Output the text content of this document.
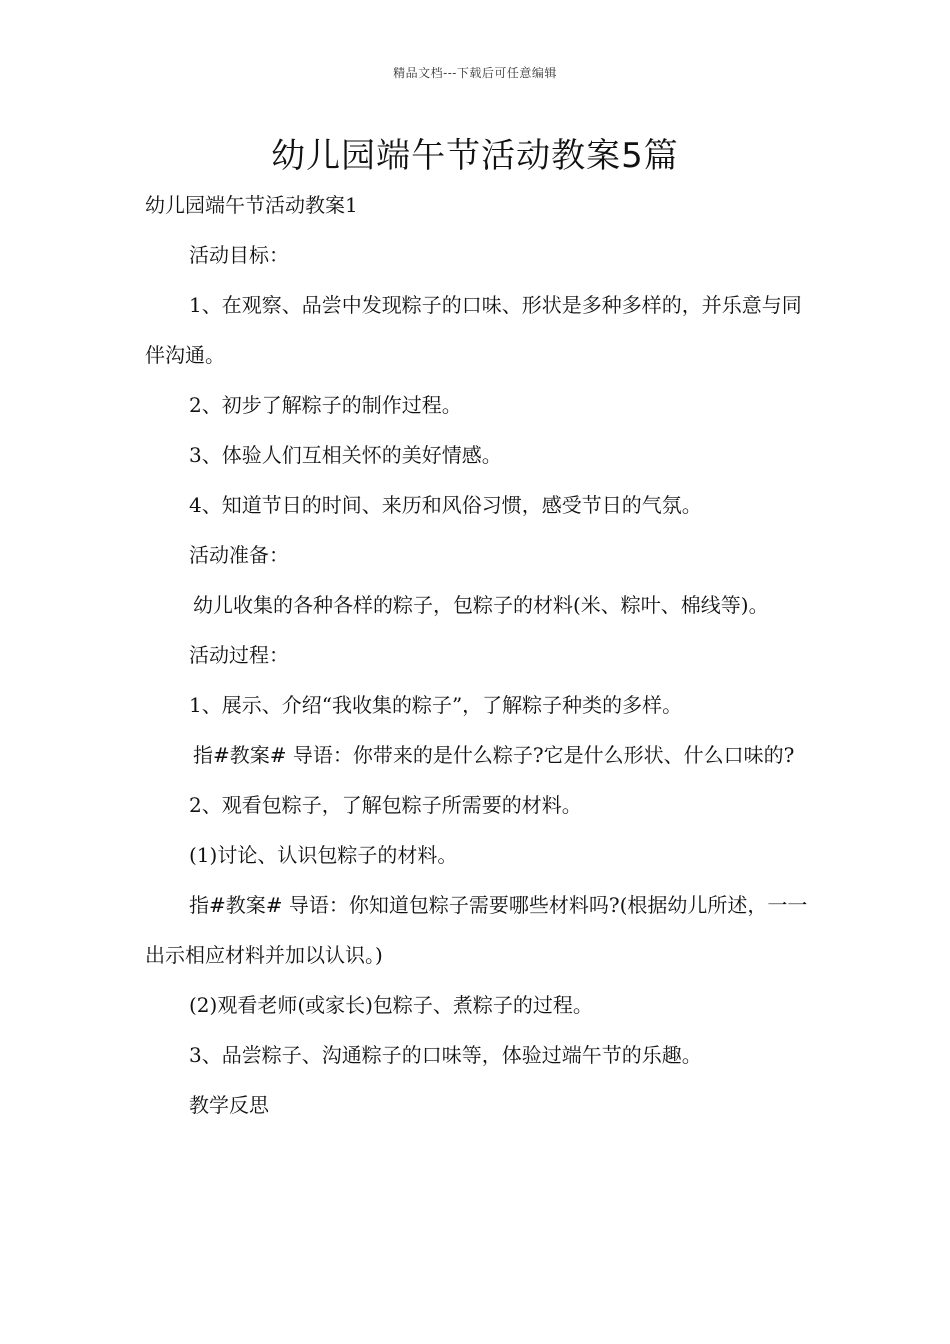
精品文档---下载后可任意编辑
幼儿园端午节活动教案5篇

幼儿园端午节活动教案1

活动目标：

1、在观察、品尝中发现粽子的口味、形状是多种多样的，并乐意与同伴沟通。

2、初步了解粽子的制作过程。

3、体验人们互相关怀的美好情感。

4、知道节日的时间、来历和风俗习惯，感受节日的气氛。

活动准备：

幼儿收集的各种各样的粽子，包粽子的材料(米、粽叶、棉线等)。

活动过程：

1、展示、介绍“我收集的粽子”，了解粽子种类的多样。

指#教案# 导语：你带来的是什么粽子?它是什么形状、什么口味的?

2、观看包粽子，了解包粽子所需要的材料。

(1)讨论、认识包粽子的材料。

指#教案# 导语：你知道包粽子需要哪些材料吗?(根据幼儿所述，一一出示相应材料并加以认识。)

(2)观看老师(或家长)包粽子、煮粽子的过程。

3、品尝粽子、沟通粽子的口味等，体验过端午节的乐趣。

教学反思
